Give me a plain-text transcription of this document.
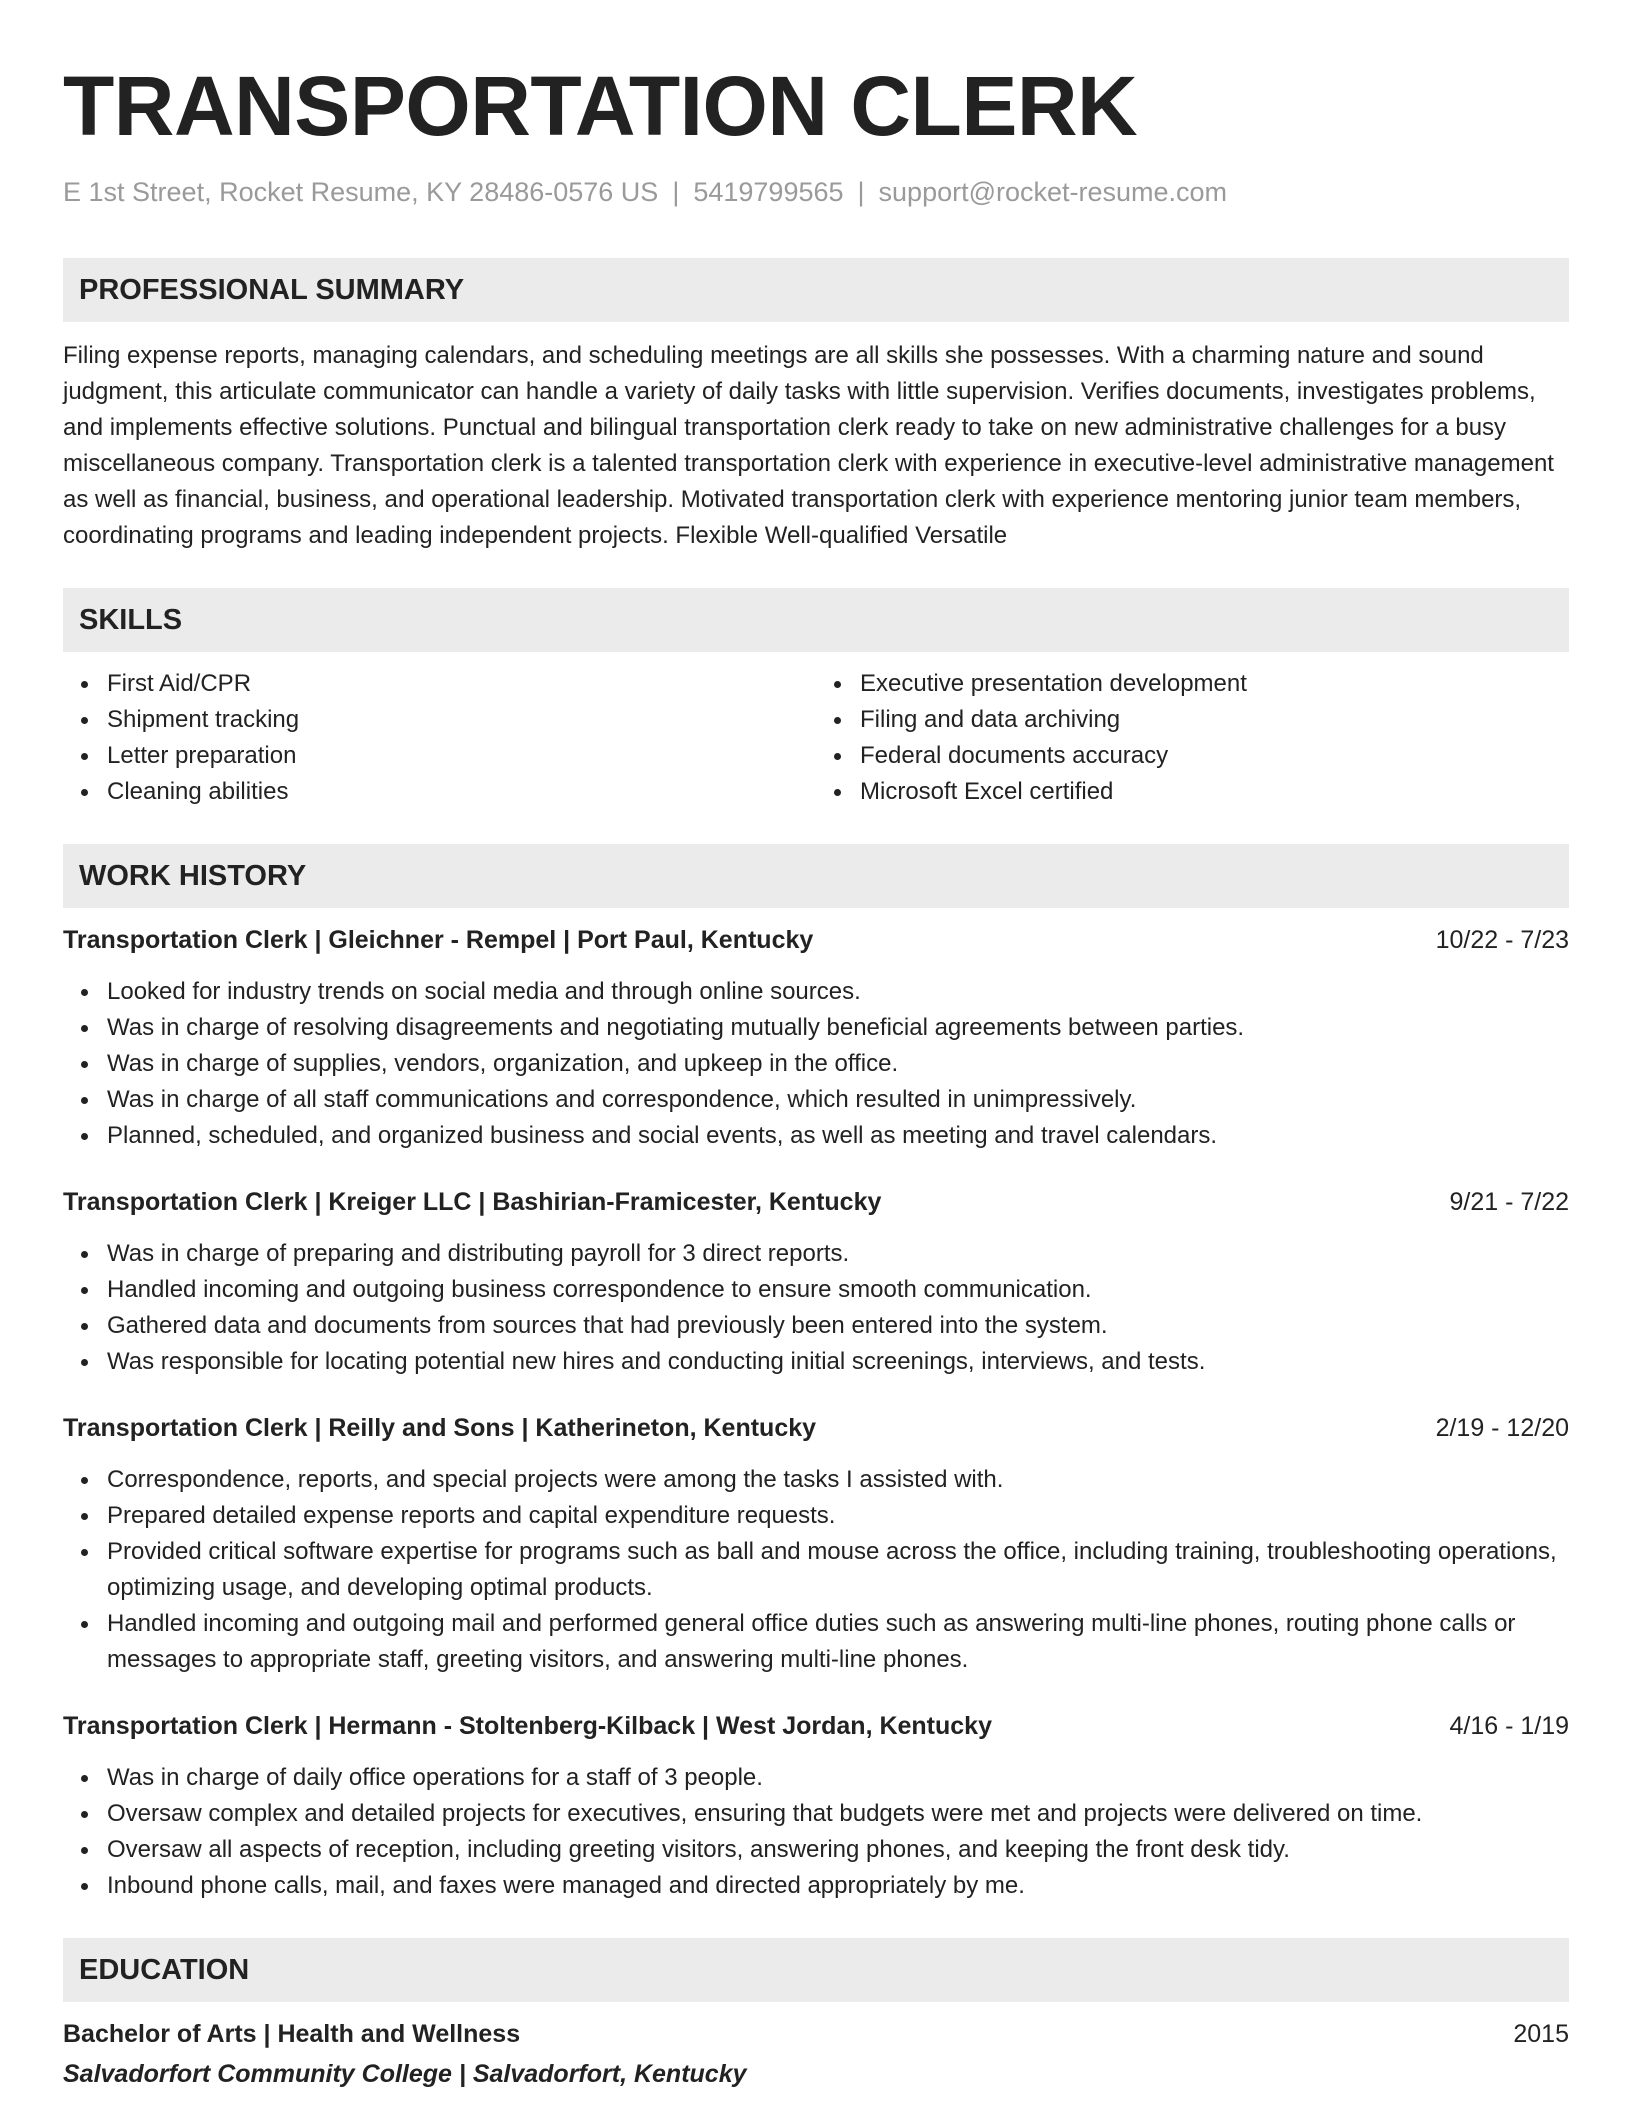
TRANSPORTATION CLERK
E 1st Street, Rocket Resume, KY 28486-0576 US | 5419799565 | support@rocket-resume.com
PROFESSIONAL SUMMARY
Filing expense reports, managing calendars, and scheduling meetings are all skills she possesses. With a charming nature and sound judgment, this articulate communicator can handle a variety of daily tasks with little supervision. Verifies documents, investigates problems, and implements effective solutions. Punctual and bilingual transportation clerk ready to take on new administrative challenges for a busy miscellaneous company. Transportation clerk is a talented transportation clerk with experience in executive-level administrative management as well as financial, business, and operational leadership. Motivated transportation clerk with experience mentoring junior team members, coordinating programs and leading independent projects. Flexible Well-qualified Versatile
SKILLS
First Aid/CPR
Shipment tracking
Letter preparation
Cleaning abilities
Executive presentation development
Filing and data archiving
Federal documents accuracy
Microsoft Excel certified
WORK HISTORY
Transportation Clerk | Gleichner - Rempel | Port Paul, Kentucky	10/22 - 7/23
Looked for industry trends on social media and through online sources.
Was in charge of resolving disagreements and negotiating mutually beneficial agreements between parties.
Was in charge of supplies, vendors, organization, and upkeep in the office.
Was in charge of all staff communications and correspondence, which resulted in unimpressively.
Planned, scheduled, and organized business and social events, as well as meeting and travel calendars.
Transportation Clerk | Kreiger LLC | Bashirian-Framicester, Kentucky	9/21 - 7/22
Was in charge of preparing and distributing payroll for 3 direct reports.
Handled incoming and outgoing business correspondence to ensure smooth communication.
Gathered data and documents from sources that had previously been entered into the system.
Was responsible for locating potential new hires and conducting initial screenings, interviews, and tests.
Transportation Clerk | Reilly and Sons | Katherineton, Kentucky	2/19 - 12/20
Correspondence, reports, and special projects were among the tasks I assisted with.
Prepared detailed expense reports and capital expenditure requests.
Provided critical software expertise for programs such as ball and mouse across the office, including training, troubleshooting operations, optimizing usage, and developing optimal products.
Handled incoming and outgoing mail and performed general office duties such as answering multi-line phones, routing phone calls or messages to appropriate staff, greeting visitors, and answering multi-line phones.
Transportation Clerk | Hermann - Stoltenberg-Kilback | West Jordan, Kentucky	4/16 - 1/19
Was in charge of daily office operations for a staff of 3 people.
Oversaw complex and detailed projects for executives, ensuring that budgets were met and projects were delivered on time.
Oversaw all aspects of reception, including greeting visitors, answering phones, and keeping the front desk tidy.
Inbound phone calls, mail, and faxes were managed and directed appropriately by me.
EDUCATION
Bachelor of Arts | Health and Wellness	2015
Salvadorfort Community College | Salvadorfort, Kentucky
